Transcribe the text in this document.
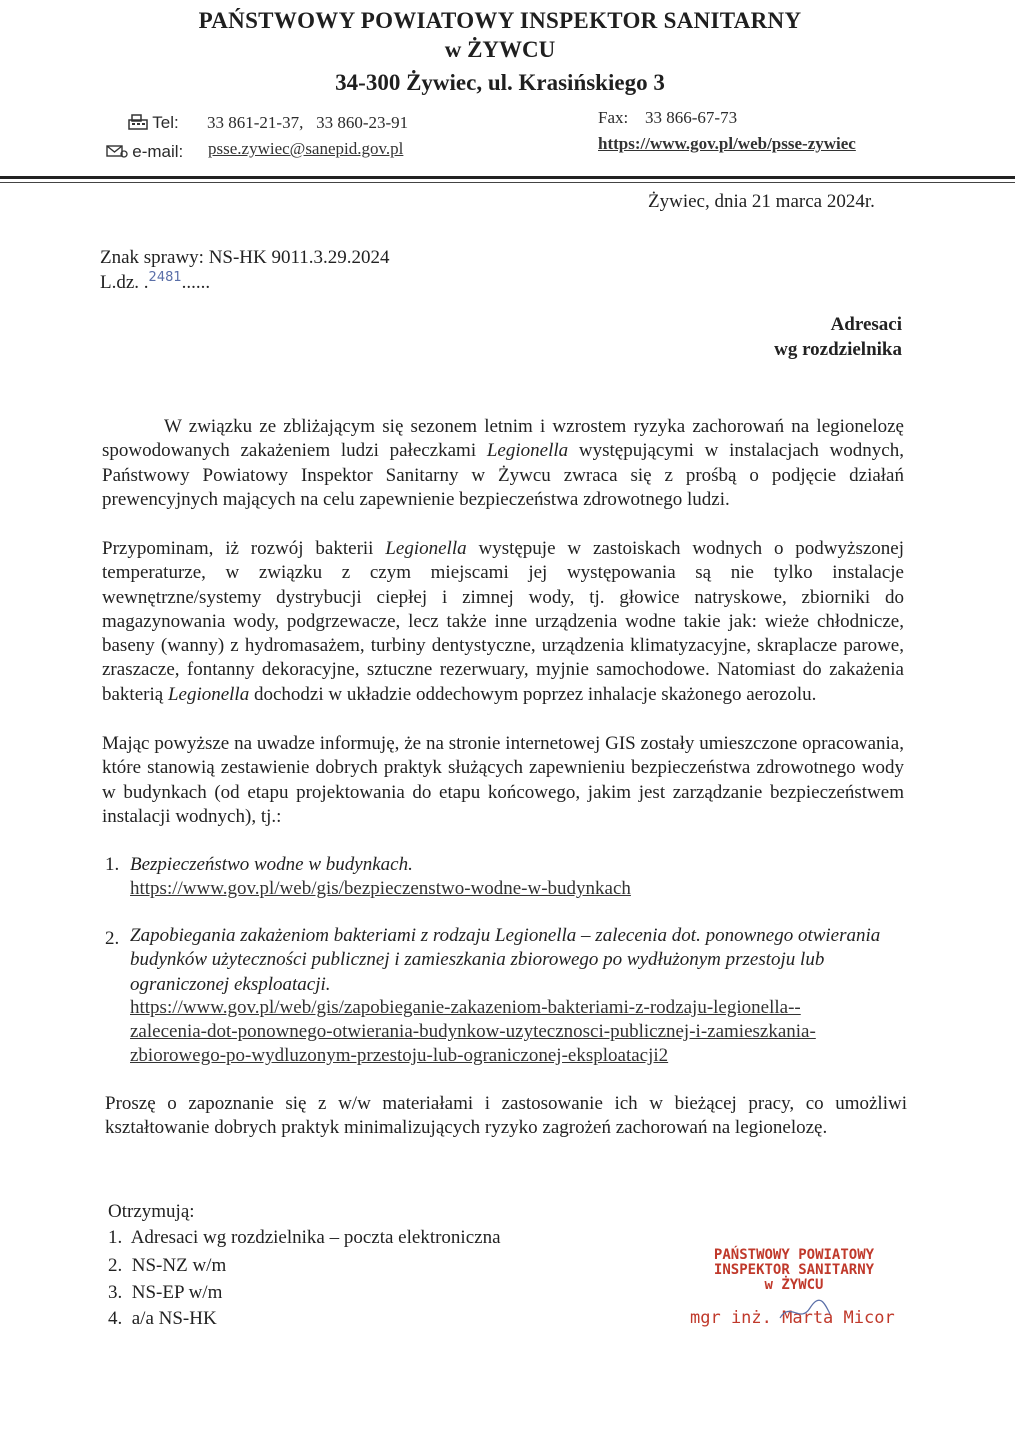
PAŃSTWOWY POWIATOWY INSPEKTOR SANITARNY
w ŻYWCU
34-300 Żywiec, ul. Krasińskiego 3
Tel: 33 861-21-37,   33 860-23-91	Fax: 33 866-67-73
e-mail: psse.zywiec@sanepid.gov.pl	https://www.gov.pl/web/psse-zywiec
Żywiec, dnia 21 marca 2024r.
Znak sprawy: NS-HK 9011.3.29.2024
L.dz. .$^{2481}$......
Adresaci
wg rozdzielnika
W związku ze zbliżającym się sezonem letnim i wzrostem ryzyka zachorowań na legionelozę spowodowanych zakażeniem ludzi pałeczkami Legionella występującymi w instalacjach wodnych, Państwowy Powiatowy Inspektor Sanitarny w Żywcu zwraca się z prośbą o podjęcie działań prewencyjnych mających na celu zapewnienie bezpieczeństwa zdrowotnego ludzi.
Przypominam, iż rozwój bakterii Legionella występuje w zastoiskach wodnych o podwyższonej temperaturze, w związku z czym miejscami jej występowania są nie tylko instalacje wewnętrzne/systemy dystrybucji ciepłej i zimnej wody, tj. głowice natryskowe, zbiorniki do magazynowania wody, podgrzewacze, lecz także inne urządzenia wodne takie jak: wieże chłodnicze, baseny (wanny) z hydromasażem, turbiny dentystyczne, urządzenia klimatyzacyjne, skraplacze parowe, zraszacze, fontanny dekoracyjne, sztuczne rezerwuary, myjnie samochodowe. Natomiast do zakażenia bakterią Legionella dochodzi w układzie oddechowym poprzez inhalacje skażonego aerozolu.
Mając powyższe na uwadze informuję, że na stronie internetowej GIS zostały umieszczone opracowania, które stanowią zestawienie dobrych praktyk służących zapewnieniu bezpieczeństwa zdrowotnego wody w budynkach (od etapu projektowania do etapu końcowego, jakim jest zarządzanie bezpieczeństwem instalacji wodnych), tj.:
1. Bezpieczeństwo wodne w budynkach.
https://www.gov.pl/web/gis/bezpieczenstwo-wodne-w-budynkach
2. Zapobiegania zakażeniom bakteriami z rodzaju Legionella – zalecenia dot. ponownego otwierania budynków użyteczności publicznej i zamieszkania zbiorowego po wydłużonym przestoju lub ograniczonej eksploatacji.
https://www.gov.pl/web/gis/zapobieganie-zakazeniom-bakteriami-z-rodzaju-legionella--
zalecenia-dot-ponownego-otwierania-budynkow-uzytecznosci-publicznej-i-zamieszkania-
zbiorowego-po-wydluzonym-przestoju-lub-ograniczonej-eksploatacji2
Proszę o zapoznanie się z w/w materiałami i zastosowanie ich w bieżącej pracy, co umożliwi kształtowanie dobrych praktyk minimalizujących ryzyko zagrożeń zachorowań na legionelozę.
Otrzymują:
1.  Adresaci wg rozdzielnika – poczta elektroniczna
2.  NS-NZ w/m
3.  NS-EP w/m
4.  a/a NS-HK
PAŃSTWOWY POWIATOWY
INSPEKTOR SANITARNY
w ŻYWCU
mgr inż. Marta Micor
